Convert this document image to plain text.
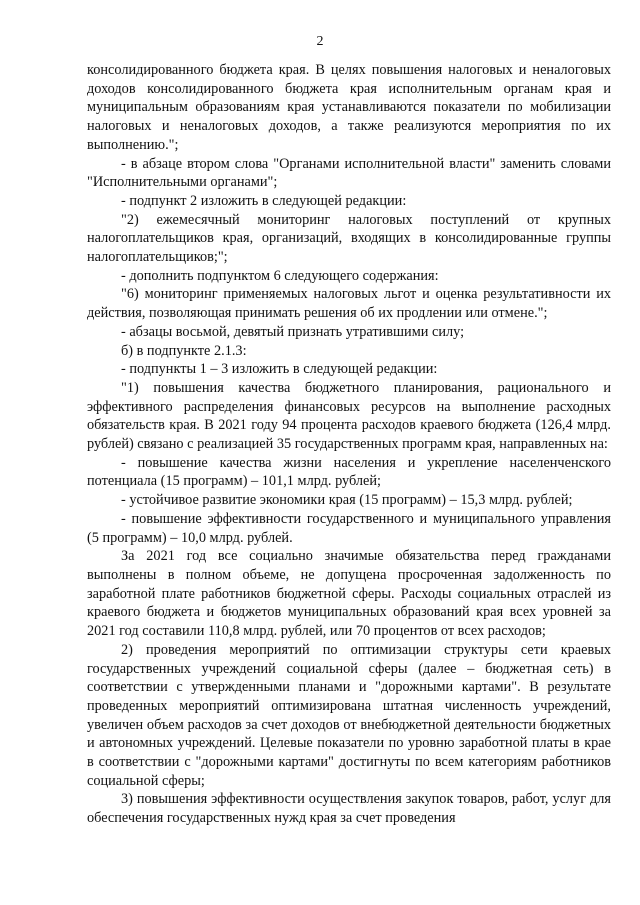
2

консолидированного бюджета края. В целях повышения налоговых и неналоговых доходов консолидированного бюджета края исполнительным органам края и муниципальным образованиям края устанавливаются показатели по мобилизации налоговых и неналоговых доходов, а также реализуются мероприятия по их выполнению.";

- в абзаце втором слова "Органами исполнительной власти" заменить словами "Исполнительными органами";

- подпункт 2 изложить в следующей редакции:

"2) ежемесячный мониторинг налоговых поступлений от крупных налогоплательщиков края, организаций, входящих в консолидированные группы налогоплательщиков;";

- дополнить подпунктом 6 следующего содержания:

"6) мониторинг применяемых налоговых льгот и оценка результативности их действия, позволяющая принимать решения об их продлении или отмене.";

- абзацы восьмой, девятый признать утратившими силу;

б) в подпункте 2.1.3:

- подпункты 1 – 3 изложить в следующей редакции:

"1) повышения качества бюджетного планирования, рационального и эффективного распределения финансовых ресурсов на выполнение расходных обязательств края. В 2021 году 94 процента расходов краевого бюджета (126,4 млрд. рублей) связано с реализацией 35 государственных программ края, направленных на:

- повышение качества жизни населения и укрепление населенченского потенциала (15 программ) – 101,1 млрд. рублей;

- устойчивое развитие экономики края (15 программ) – 15,3 млрд. рублей;

- повышение эффективности государственного и муниципального управления (5 программ) – 10,0 млрд. рублей.

За 2021 год все социально значимые обязательства перед гражданами выполнены в полном объеме, не допущена просроченная задолженность по заработной плате работников бюджетной сферы. Расходы социальных отраслей из краевого бюджета и бюджетов муниципальных образований края всех уровней за 2021 год составили 110,8 млрд. рублей, или 70 процентов от всех расходов;

2) проведения мероприятий по оптимизации структуры сети краевых государственных учреждений социальной сферы (далее – бюджетная сеть) в соответствии с утвержденными планами и "дорожными картами". В результате проведенных мероприятий оптимизирована штатная численность учреждений, увеличен объем расходов за счет доходов от внебюджетной деятельности бюджетных и автономных учреждений. Целевые показатели по уровню заработной платы в крае в соответствии с "дорожными картами" достигнуты по всем категориям работников социальной сферы;

3) повышения эффективности осуществления закупок товаров, работ, услуг для обеспечения государственных нужд края за счет проведения
